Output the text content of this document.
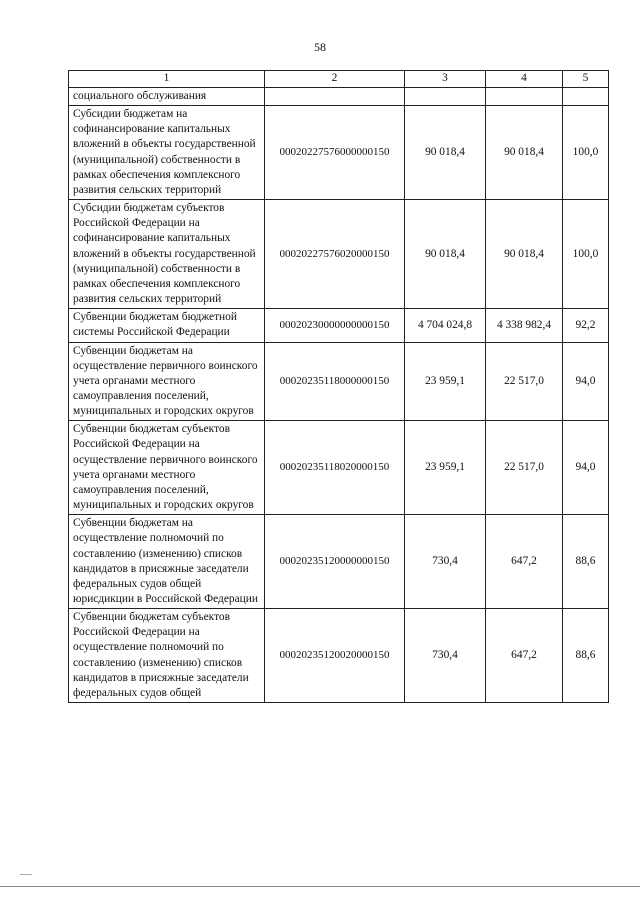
58
1	2	3	4	5
социального обслуживания				
Субсидии бюджетам на софинансирование капитальных вложений в объекты государственной (муниципальной) собственности в рамках обеспечения комплексного развития сельских территорий	00020227576000000150	90 018,4	90 018,4	100,0
Субсидии бюджетам субъектов Российской Федерации на софинансирование капитальных вложений в объекты государственной (муниципальной) собственности в рамках обеспечения комплексного развития сельских территорий	00020227576020000150	90 018,4	90 018,4	100,0
Субвенции бюджетам бюджетной системы Российской Федерации	00020230000000000150	4 704 024,8	4 338 982,4	92,2
Субвенции бюджетам на осуществление первичного воинского учета органами местного самоуправления поселений, муниципальных и городских округов	00020235118000000150	23 959,1	22 517,0	94,0
Субвенции бюджетам субъектов Российской Федерации на осуществление первичного воинского учета органами местного самоуправления поселений, муниципальных и городских округов	00020235118020000150	23 959,1	22 517,0	94,0
Субвенции бюджетам на осуществление полномочий по составлению (изменению) списков кандидатов в присяжные заседатели федеральных судов общей юрисдикции в Российской Федерации	00020235120000000150	730,4	647,2	88,6
Субвенции бюджетам субъектов Российской Федерации на осуществление полномочий по составлению (изменению) списков кандидатов в присяжные заседатели федеральных судов общей	00020235120020000150	730,4	647,2	88,6
